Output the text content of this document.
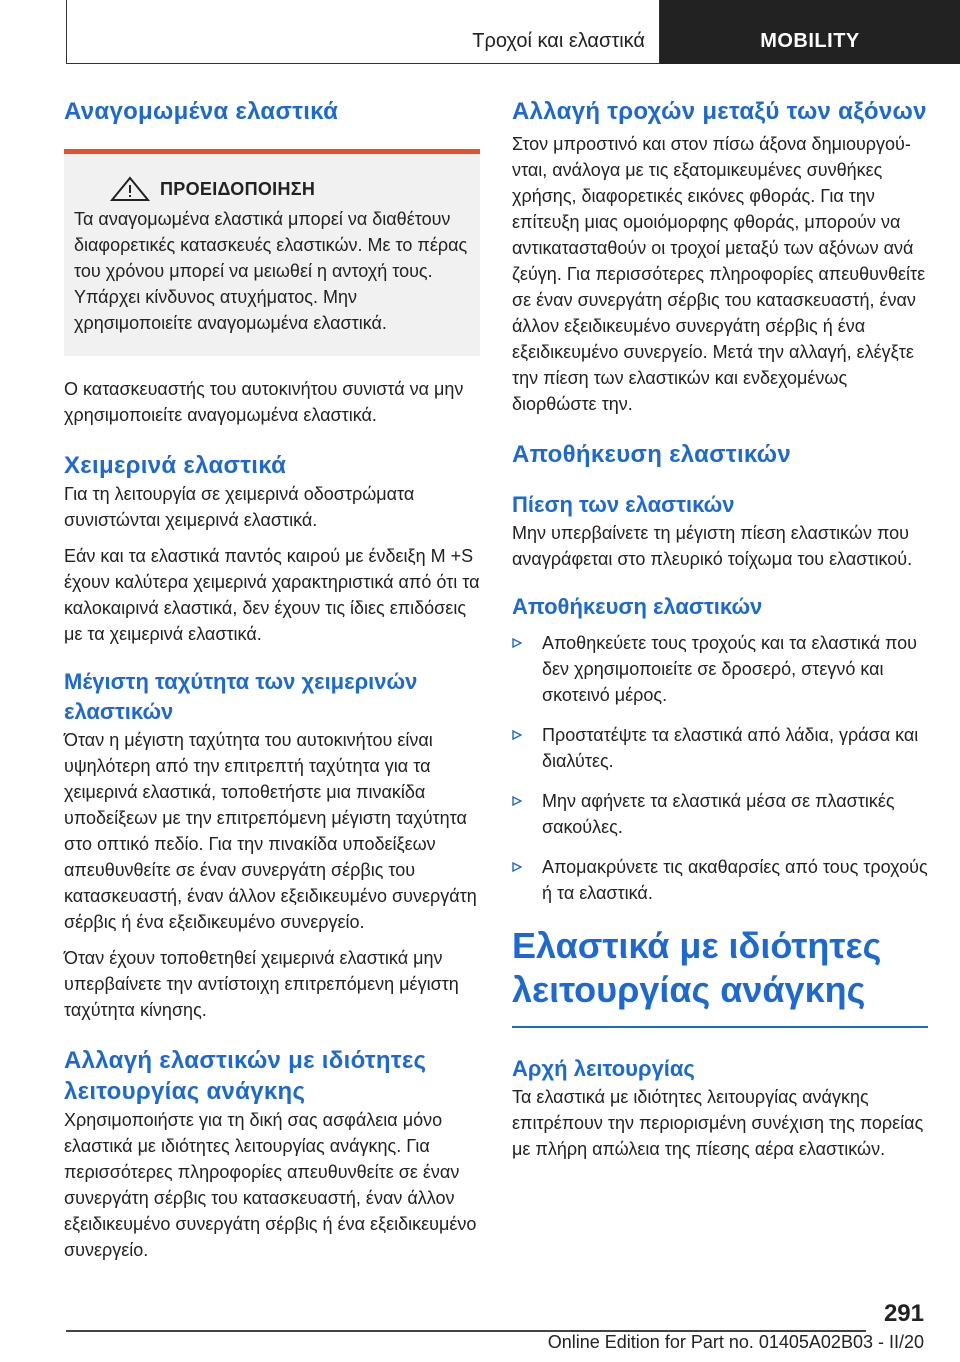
Τροχοί και ελαστικά	MOBILITY
Αναγομωμένα ελαστικά
ΠΡΟΕΙΔΟΠΟΙΗΣΗ

Τα αναγομωμένα ελαστικά μπορεί να διαθέτουν διαφορετικές κατασκευές ελαστικών. Με το πέρας του χρόνου μπορεί να μειωθεί η αντοχή τους. Υπάρχει κίνδυνος ατυχήματος. Μην χρησιμοποιείτε αναγομωμένα ελαστικά.

Ο κατασκευαστής του αυτοκινήτου συνιστά να μην χρησιμοποιείτε αναγομωμένα ελαστικά.

Χειμερινά ελαστικά

Για τη λειτουργία σε χειμερινά οδοστρώματα συνιστώνται χειμερινά ελαστικά.

Εάν και τα ελαστικά παντός καιρού με ένδειξη M +S έχουν καλύτερα χειμερινά χαρακτηριστικά από ότι τα καλοκαιρινά ελαστικά, δεν έχουν τις ίδιες επιδόσεις με τα χειμερινά ελαστικά.

Μέγιστη ταχύτητα των χειμερινών ελαστικών

Όταν η μέγιστη ταχύτητα του αυτοκινήτου είναι υψηλότερη από την επιτρεπτή ταχύτητα για τα χειμερινά ελαστικά, τοποθετήστε μια πινακίδα υποδείξεων με την επιτρεπόμενη μέγιστη ταχύτητα στο οπτικό πεδίο. Για την πινακίδα υποδείξεων απευθυνθείτε σε έναν συνεργάτη σέρβις του κατασκευαστή, έναν άλλον εξειδικευμένο συνεργάτη σέρβις ή ένα εξειδικευμένο συνεργείο.

Όταν έχουν τοποθετηθεί χειμερινά ελαστικά μην υπερβαίνετε την αντίστοιχη επιτρεπόμενη μέγιστη ταχύτητα κίνησης.

Αλλαγή ελαστικών με ιδιότητες λειτουργίας ανάγκης

Χρησιμοποιήστε για τη δική σας ασφάλεια μόνο ελαστικά με ιδιότητες λειτουργίας ανάγκης. Για περισσότερες πληροφορίες απευθυνθείτε σε έναν συνεργάτη σέρβις του κατασκευαστή, έναν άλλον εξειδικευμένο συνεργάτη σέρβις ή ένα εξειδικευμένο συνεργείο.

Αλλαγή τροχών μεταξύ των αξόνων

Στον μπροστινό και στον πίσω άξονα δημιουργούνται, ανάλογα με τις εξατομικευμένες συνθήκες χρήσης, διαφορετικές εικόνες φθοράς. Για την επίτευξη μιας ομοιόμορφης φθοράς, μπορούν να αντικατασταθούν οι τροχοί μεταξύ των αξόνων ανά ζεύγη. Για περισσότερες πληροφορίες απευθυνθείτε σε έναν συνεργάτη σέρβις του κατασκευαστή, έναν άλλον εξειδικευμένο συνεργάτη σέρβις ή ένα εξειδικευμένο συνεργείο. Μετά την αλλαγή, ελέγξτε την πίεση των ελαστικών και ενδεχομένως διορθώστε την.

Αποθήκευση ελαστικών
Πίεση των ελαστικών

Μην υπερβαίνετε τη μέγιστη πίεση ελαστικών που αναγράφεται στο πλευρικό τοίχωμα του ελαστικού.

Αποθήκευση ελαστικών
Αποθηκεύετε τους τροχούς και τα ελαστικά που δεν χρησιμοποιείτε σε δροσερό, στεγνό και σκοτεινό μέρος.
Προστατέψτε τα ελαστικά από λάδια, γράσα και διαλύτες.
Μην αφήνετε τα ελαστικά μέσα σε πλαστικές σακούλες.
Απομακρύνετε τις ακαθαρσίες από τους τροχούς ή τα ελαστικά.
Ελαστικά με ιδιότητες λειτουργίας ανάγκης
Αρχή λειτουργίας

Τα ελαστικά με ιδιότητες λειτουργίας ανάγκης επιτρέπουν την περιορισμένη συνέχιση της πορείας με πλήρη απώλεια της πίεσης αέρα ελαστικών.

291
Online Edition for Part no. 01405A02B03 - II/20
